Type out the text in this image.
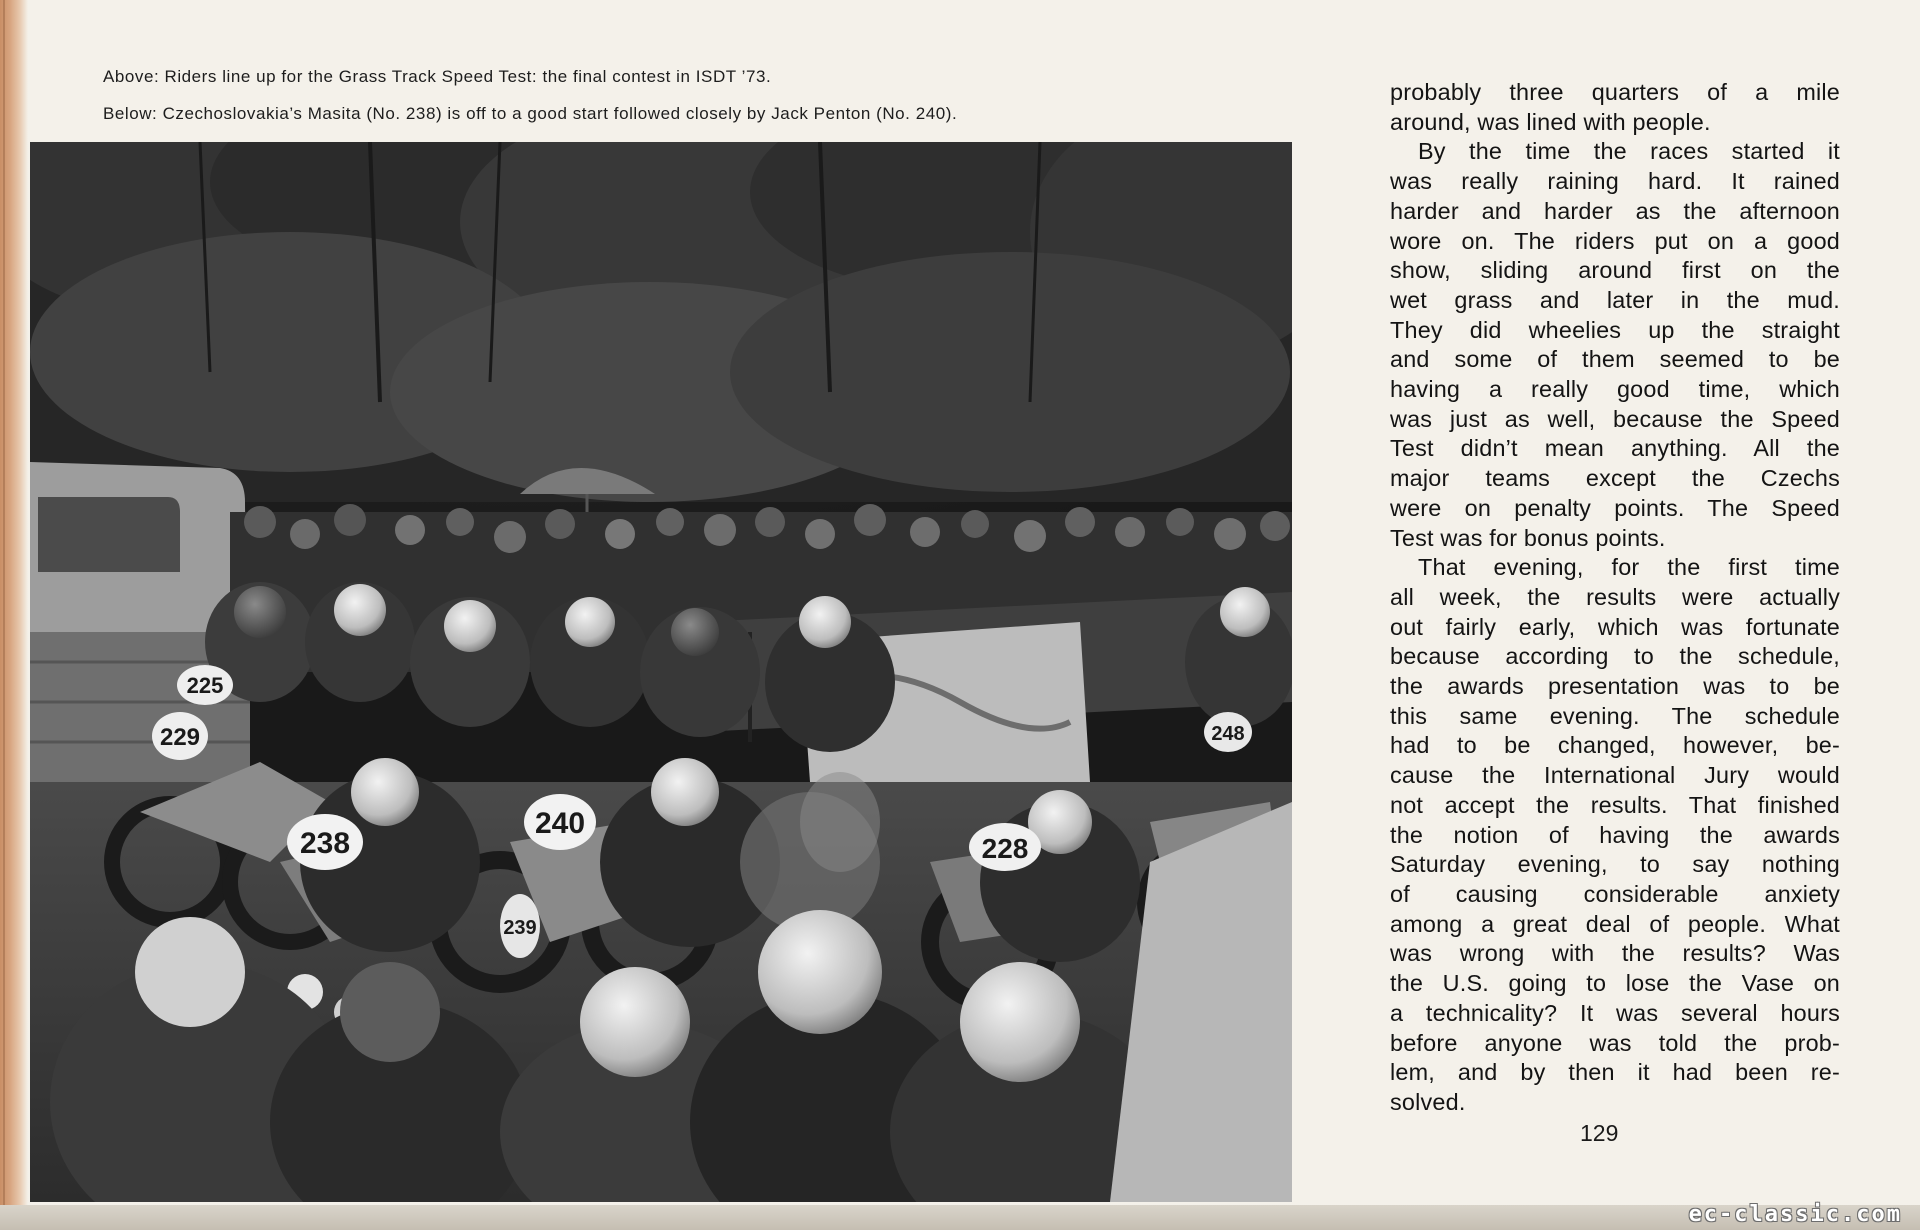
Above: Riders line up for the Grass Track Speed Test: the final contest in ISDT ’73.
Below: Czechoslovakia’s Masita (No. 238) is off to a good start followed closely by Jack Penton (No. 240).
225
229
238
240
239
228
248
probably three quarters of a mile
around, was lined with people.
By the time the races started it
was really raining hard. It rained
harder and harder as the afternoon
wore on. The riders put on a good
show, sliding around first on the
wet grass and later in the mud.
They did wheelies up the straight
and some of them seemed to be
having a really good time, which
was just as well, because the Speed
Test didn’t mean anything. All the
major teams except the Czechs
were on penalty points. The Speed
Test was for bonus points.
That evening, for the first time
all week, the results were actually
out fairly early, which was fortunate
because according to the schedule,
the awards presentation was to be
this same evening. The schedule
had to be changed, however, be-
cause the International Jury would
not accept the results. That finished
the notion of having the awards
Saturday evening, to say nothing
of causing considerable anxiety
among a great deal of people. What
was wrong with the results? Was
the U.S. going to lose the Vase on
a technicality? It was several hours
before anyone was told the prob-
lem, and by then it had been re-
solved.
129
ec-classic.com
